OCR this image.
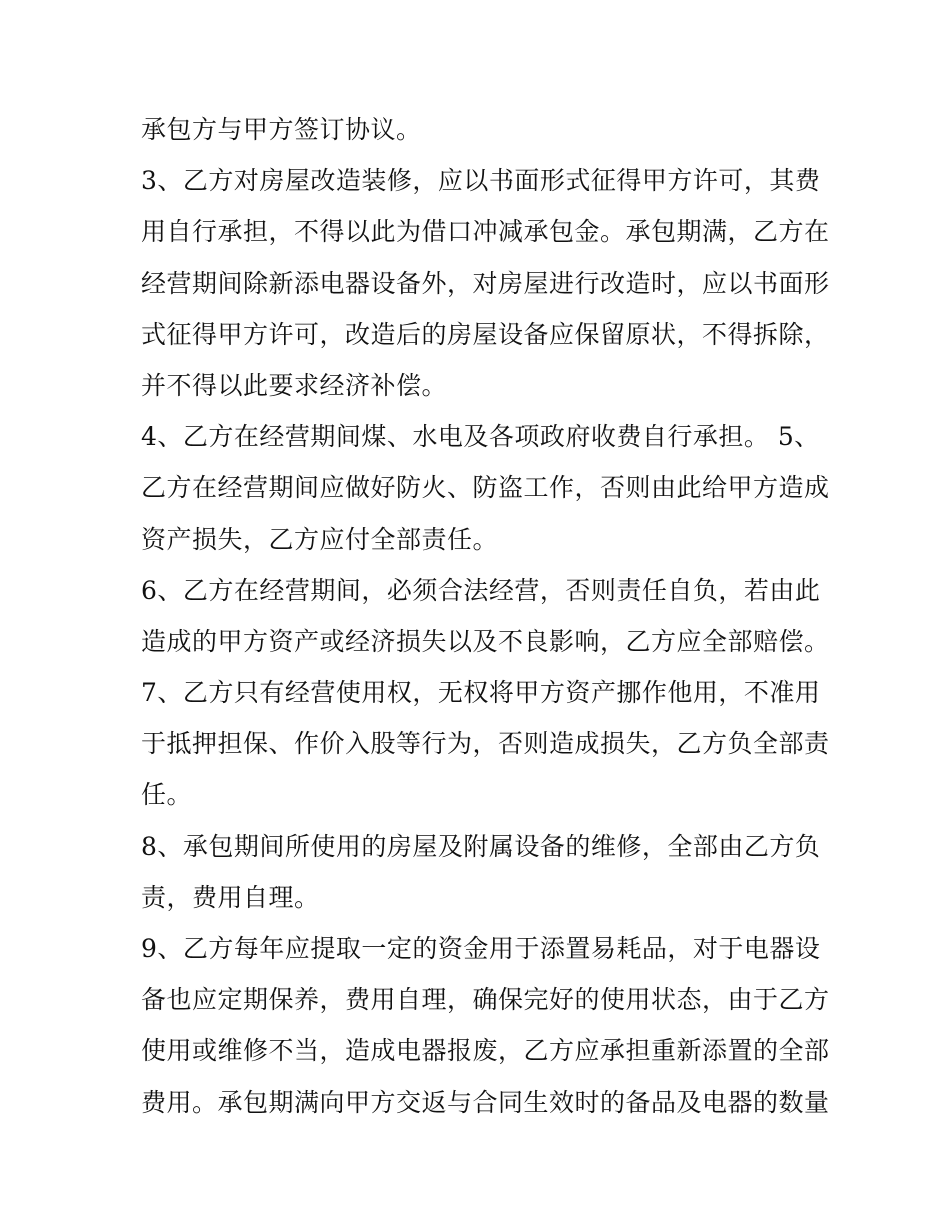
承包方与甲方签订协议。
3、乙方对房屋改造装修，应以书面形式征得甲方许可，其费
用自行承担，不得以此为借口冲减承包金。承包期满，乙方在
经营期间除新添电器设备外，对房屋进行改造时，应以书面形
式征得甲方许可，改造后的房屋设备应保留原状，不得拆除，
并不得以此要求经济补偿。
4、乙方在经营期间煤、水电及各项政府收费自行承担。 5、
乙方在经营期间应做好防火、防盗工作，否则由此给甲方造成
资产损失，乙方应付全部责任。
6、乙方在经营期间，必须合法经营，否则责任自负，若由此
造成的甲方资产或经济损失以及不良影响，乙方应全部赔偿。
7、乙方只有经营使用权，无权将甲方资产挪作他用，不准用
于抵押担保、作价入股等行为，否则造成损失，乙方负全部责
任。
8、承包期间所使用的房屋及附属设备的维修，全部由乙方负
责，费用自理。
9、乙方每年应提取一定的资金用于添置易耗品，对于电器设
备也应定期保养，费用自理，确保完好的使用状态，由于乙方
使用或维修不当，造成电器报废，乙方应承担重新添置的全部
费用。承包期满向甲方交返与合同生效时的备品及电器的数量
